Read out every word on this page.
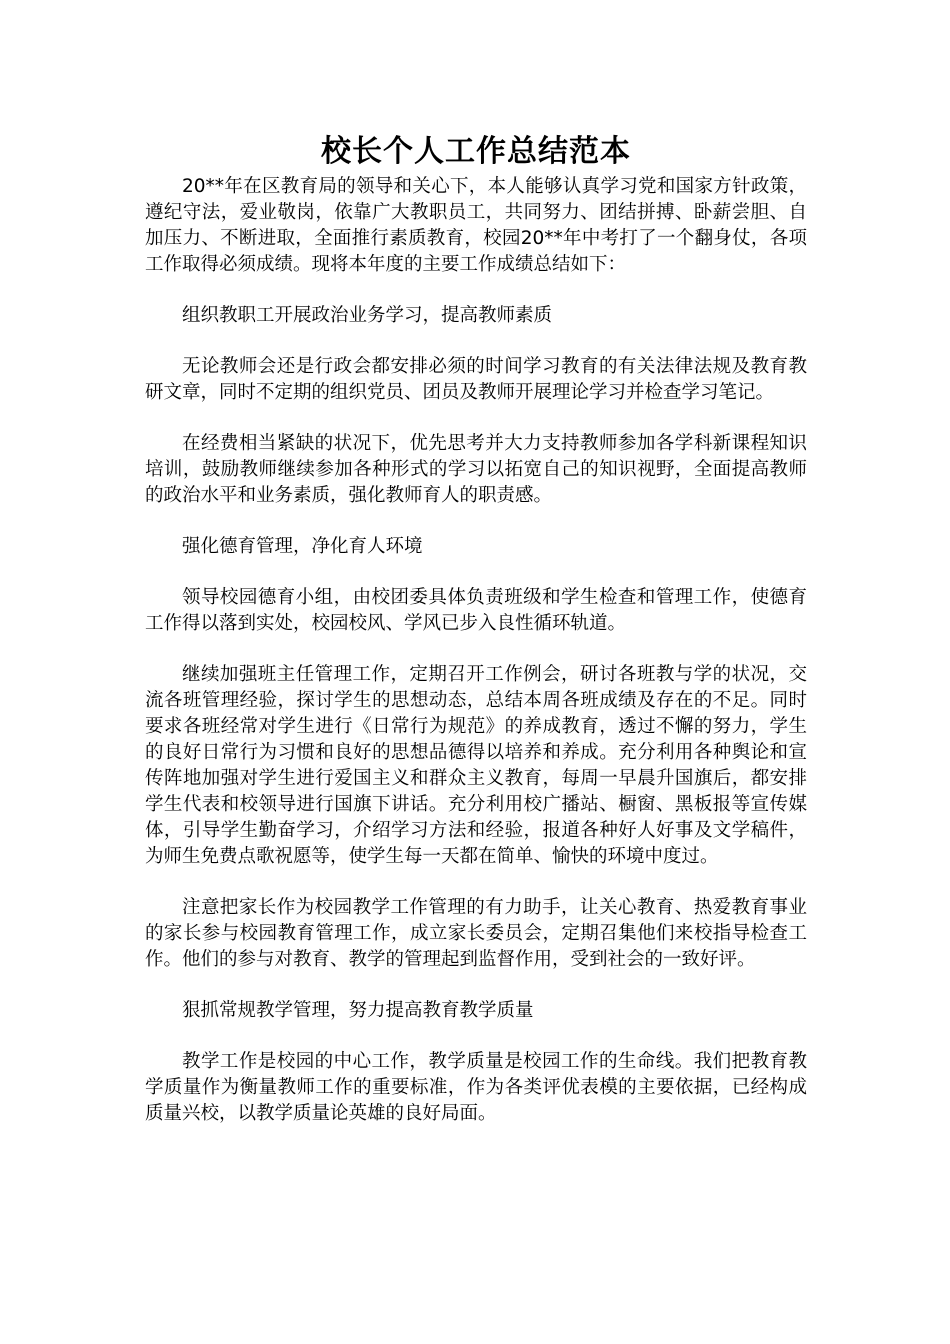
校长个人工作总结范本

20**年在区教育局的领导和关心下，本人能够认真学习党和国家方针政策，遵纪守法，爱业敬岗，依靠广大教职员工，共同努力、团结拼搏、卧薪尝胆、自加压力、不断进取，全面推行素质教育，校园20**年中考打了一个翻身仗，各项工作取得必须成绩。现将本年度的主要工作成绩总结如下：

组织教职工开展政治业务学习，提高教师素质

无论教师会还是行政会都安排必须的时间学习教育的有关法律法规及教育教研文章，同时不定期的组织党员、团员及教师开展理论学习并检查学习笔记。

在经费相当紧缺的状况下，优先思考并大力支持教师参加各学科新课程知识培训，鼓励教师继续参加各种形式的学习以拓宽自己的知识视野，全面提高教师的政治水平和业务素质，强化教师育人的职责感。

强化德育管理，净化育人环境

领导校园德育小组，由校团委具体负责班级和学生检查和管理工作，使德育工作得以落到实处，校园校风、学风已步入良性循环轨道。

继续加强班主任管理工作，定期召开工作例会，研讨各班教与学的状况，交流各班管理经验，探讨学生的思想动态，总结本周各班成绩及存在的不足。同时要求各班经常对学生进行《日常行为规范》的养成教育，透过不懈的努力，学生的良好日常行为习惯和良好的思想品德得以培养和养成。充分利用各种舆论和宣传阵地加强对学生进行爱国主义和群众主义教育，每周一早晨升国旗后，都安排学生代表和校领导进行国旗下讲话。充分利用校广播站、橱窗、黑板报等宣传媒体，引导学生勤奋学习，介绍学习方法和经验，报道各种好人好事及文学稿件，为师生免费点歌祝愿等，使学生每一天都在简单、愉快的环境中度过。

注意把家长作为校园教学工作管理的有力助手，让关心教育、热爱教育事业的家长参与校园教育管理工作，成立家长委员会，定期召集他们来校指导检查工作。他们的参与对教育、教学的管理起到监督作用，受到社会的一致好评。

狠抓常规教学管理，努力提高教育教学质量

教学工作是校园的中心工作，教学质量是校园工作的生命线。我们把教育教学质量作为衡量教师工作的重要标准，作为各类评优表模的主要依据，已经构成质量兴校，以教学质量论英雄的良好局面。
